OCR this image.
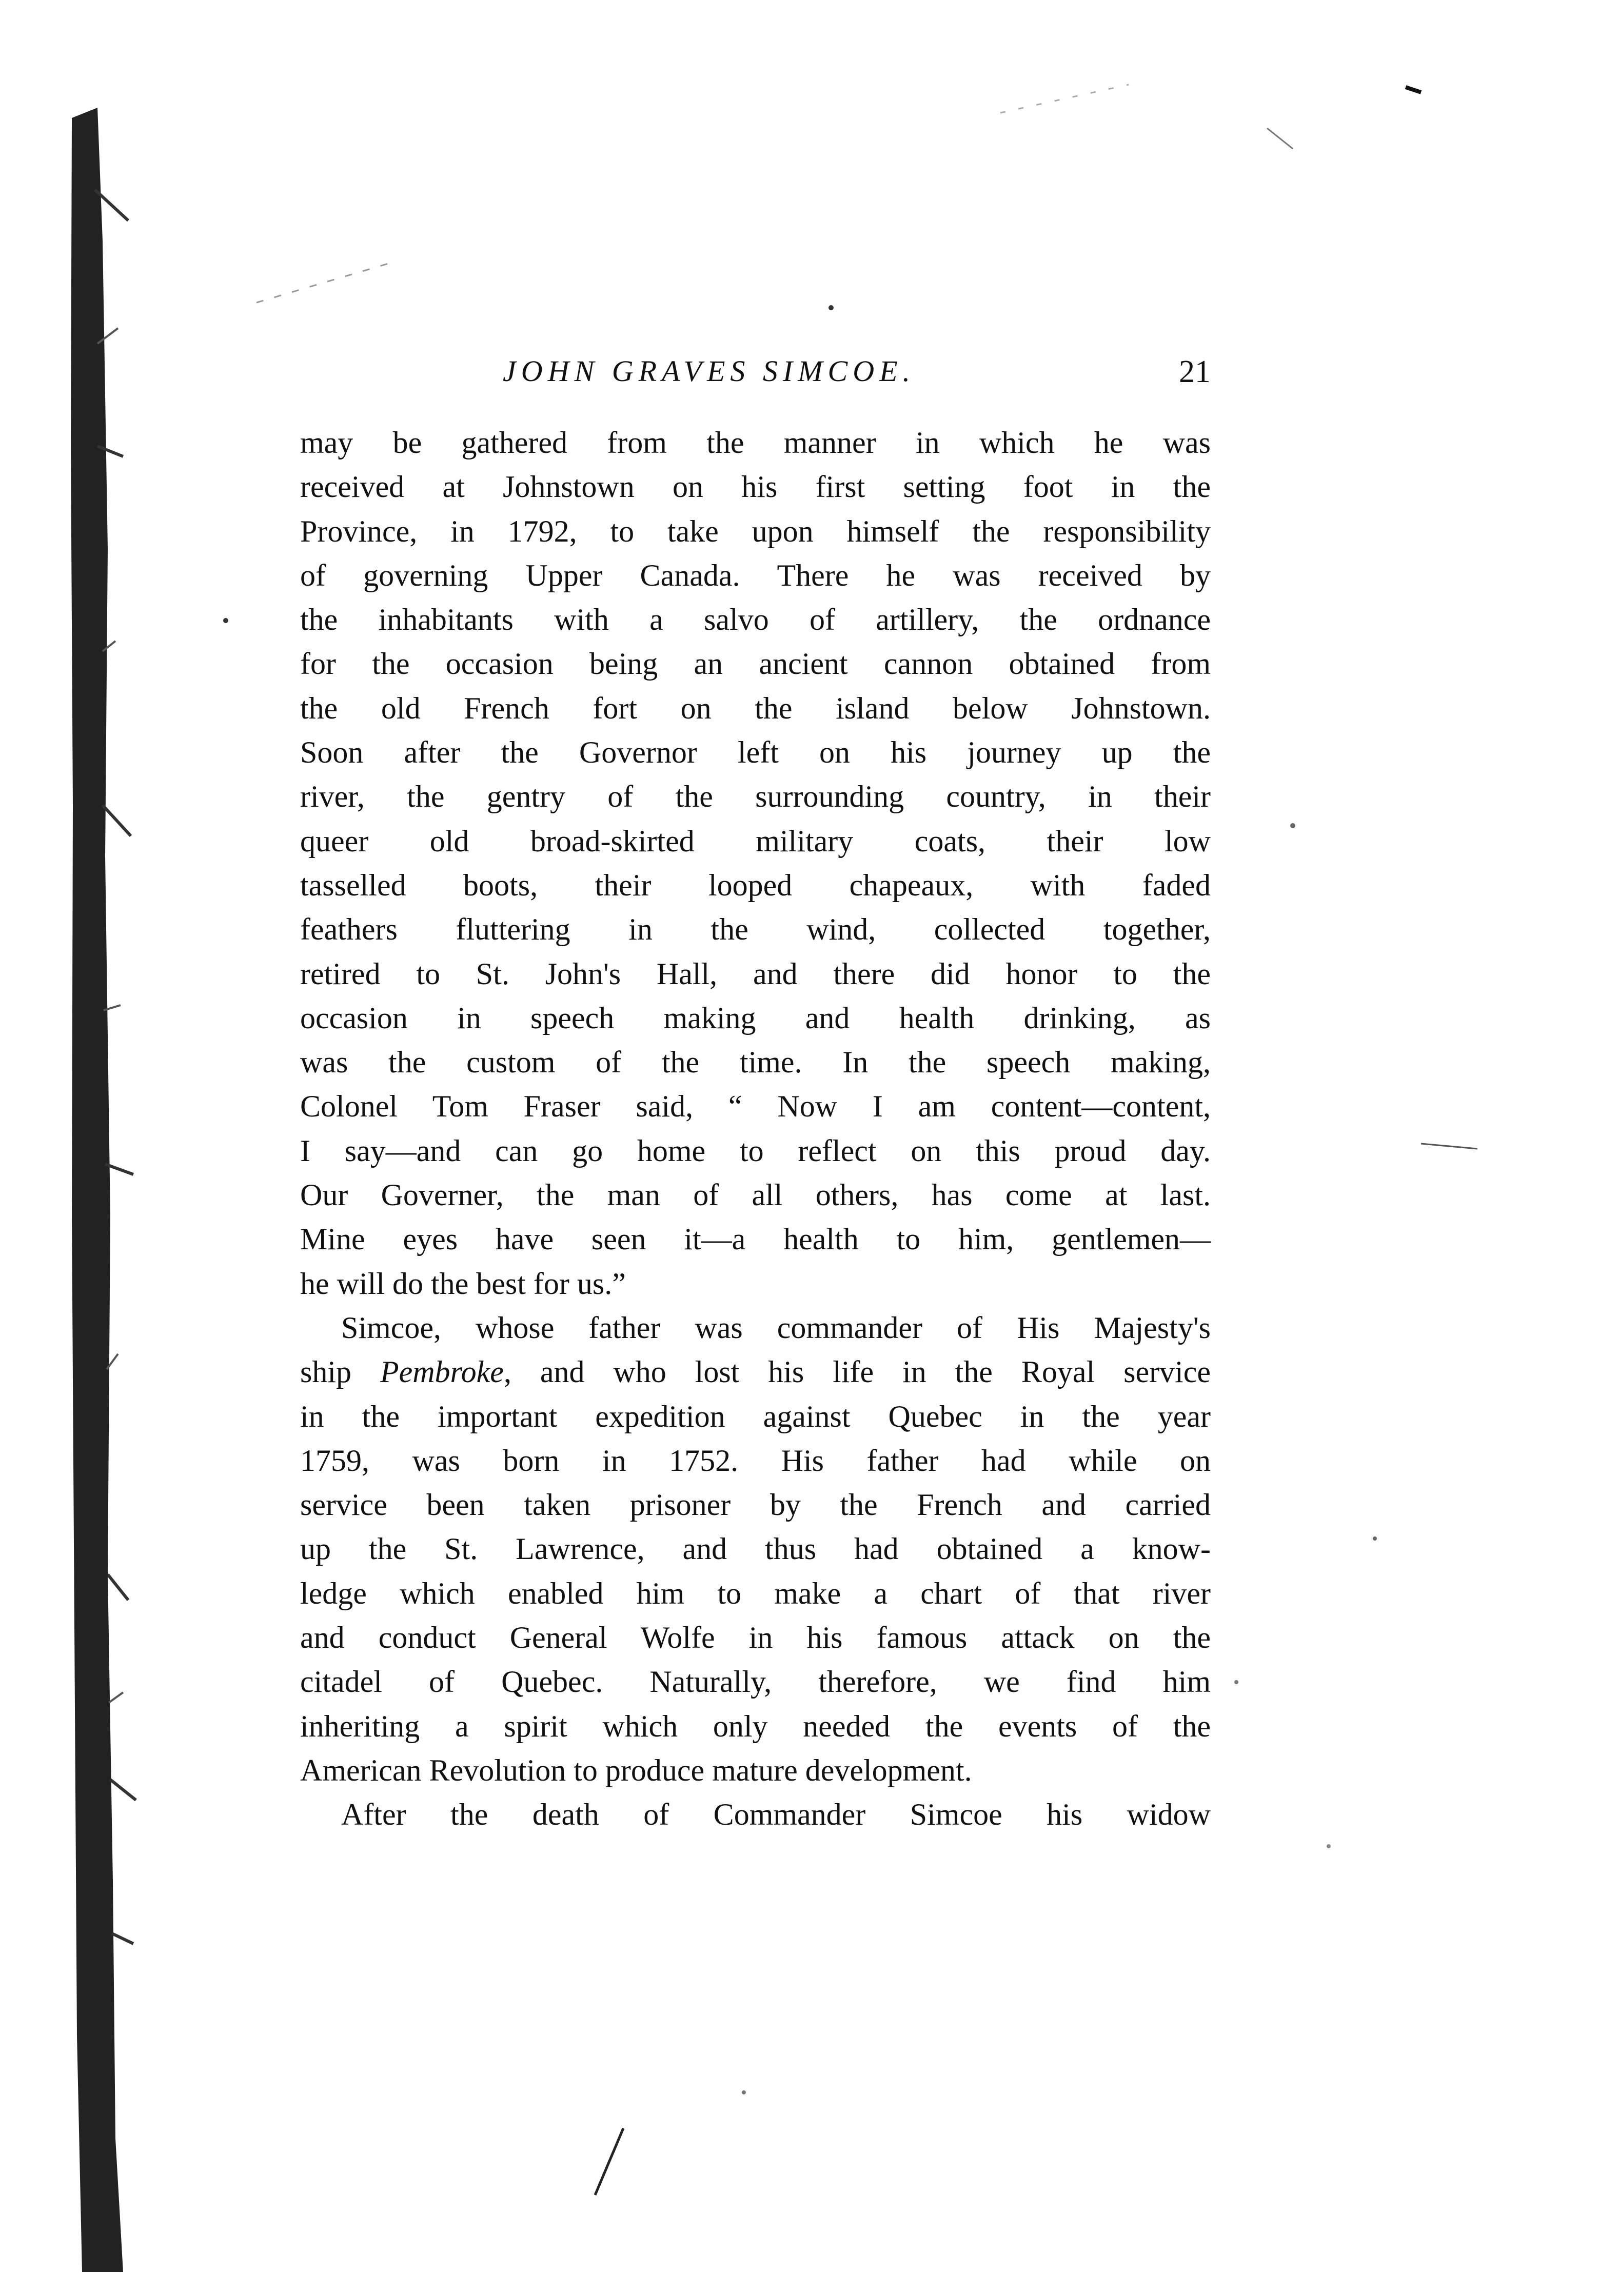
JOHN GRAVES SIMCOE.	21

may be gathered from the manner in which he was

received at Johnstown on his first setting foot in the

Province, in 1792, to take upon himself the responsibility

of governing Upper Canada. There he was received by

the inhabitants with a salvo of artillery, the ordnance

for the occasion being an ancient cannon obtained from

the old French fort on the island below Johnstown.

Soon after the Governor left on his journey up the

river, the gentry of the surrounding country, in their

queer old broad-skirted military coats, their low

tasselled boots, their looped chapeaux, with faded

feathers fluttering in the wind, collected together,

retired to St. John's Hall, and there did honor to the

occasion in speech making and health drinking, as

was the custom of the time. In the speech making,

Colonel Tom Fraser said, “ Now I am content—content,

I say—and can go home to reflect on this proud day.

Our Governer, the man of all others, has come at last.

Mine eyes have seen it—a health to him, gentlemen—

he will do the best for us.”

Simcoe, whose father was commander of His Majesty's

ship Pembroke, and who lost his life in the Royal service

in the important expedition against Quebec in the year

1759, was born in 1752. His father had while on

service been taken prisoner by the French and carried

up the St. Lawrence, and thus had obtained a know-

ledge which enabled him to make a chart of that river

and conduct General Wolfe in his famous attack on the

citadel of Quebec. Naturally, therefore, we find him

inheriting a spirit which only needed the events of the

American Revolution to produce mature development.

After the death of Commander Simcoe his widow
